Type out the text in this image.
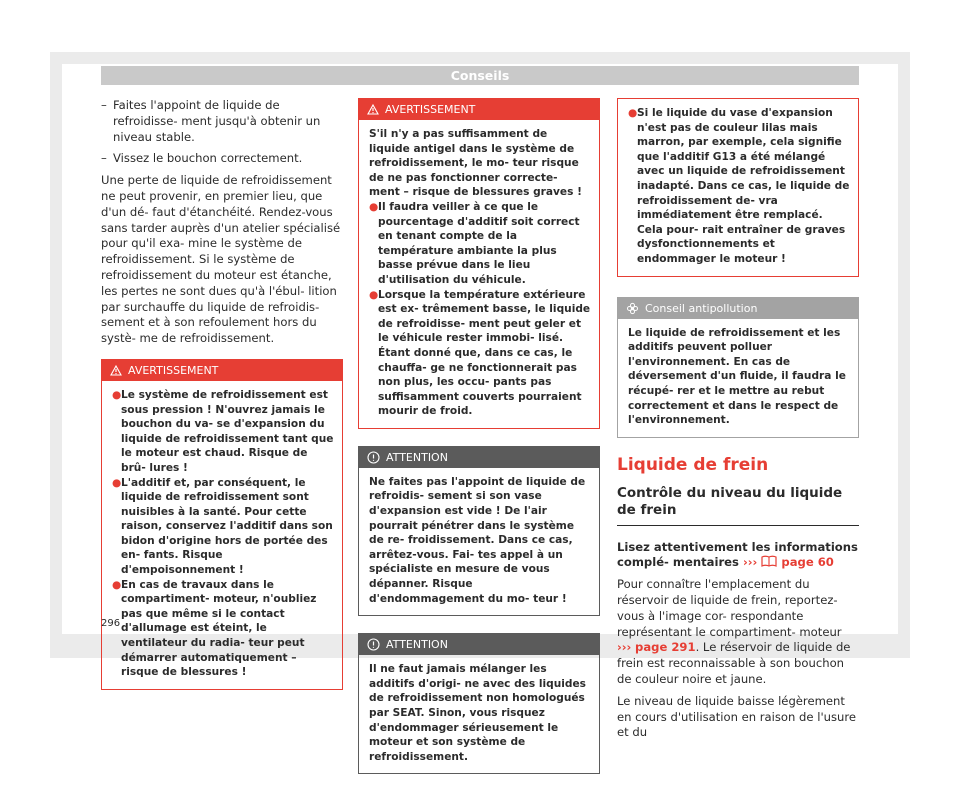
Conseils
– Faites l'appoint de liquide de refroidisse- ment jusqu'à obtenir un niveau stable.
– Vissez le bouchon correctement.

Une perte de liquide de refroidissement ne peut provenir, en premier lieu, que d'un dé- faut d'étanchéité. Rendez-vous sans tarder auprès d'un atelier spécialisé pour qu'il exa- mine le système de refroidissement. Si le système de refroidissement du moteur est étanche, les pertes ne sont dues qu'à l'ébul- lition par surchauffe du liquide de refroidis- sement et à son refoulement hors du systè- me de refroidissement.

AVERTISSEMENT

● Le système de refroidissement est sous pression ! N'ouvrez jamais le bouchon du va- se d'expansion du liquide de refroidissement tant que le moteur est chaud. Risque de brû- lures !

● L'additif et, par conséquent, le liquide de refroidissement sont nuisibles à la santé. Pour cette raison, conservez l'additif dans son bidon d'origine hors de portée des en- fants. Risque d'empoisonnement !

● En cas de travaux dans le compartiment- moteur, n'oubliez pas que même si le contact d'allumage est éteint, le ventilateur du radia- teur peut démarrer automatiquement – risque de blessures !

AVERTISSEMENT

S'il n'y a pas suffisamment de liquide antigel dans le système de refroidissement, le mo- teur risque de ne pas fonctionner correcte- ment – risque de blessures graves !

● Il faudra veiller à ce que le pourcentage d'additif soit correct en tenant compte de la température ambiante la plus basse prévue dans le lieu d'utilisation du véhicule.

● Lorsque la température extérieure est ex- trêmement basse, le liquide de refroidisse- ment peut geler et le véhicule rester immobi- lisé. Étant donné que, dans ce cas, le chauffa- ge ne fonctionnerait pas non plus, les occu- pants pas suffisamment couverts pourraient mourir de froid.

ATTENTION

Ne faites pas l'appoint de liquide de refroidis- sement si son vase d'expansion est vide ! De l'air pourrait pénétrer dans le système de re- froidissement. Dans ce cas, arrêtez-vous. Fai- tes appel à un spécialiste en mesure de vous dépanner. Risque d'endommagement du mo- teur !

ATTENTION

Il ne faut jamais mélanger les additifs d'origi- ne avec des liquides de refroidissement non homologués par SEAT. Sinon, vous risquez d'endommager sérieusement le moteur et son système de refroidissement.

● Si le liquide du vase d'expansion n'est pas de couleur lilas mais marron, par exemple, cela signifie que l'additif G13 a été mélangé avec un liquide de refroidissement inadapté. Dans ce cas, le liquide de refroidissement de- vra immédiatement être remplacé. Cela pour- rait entraîner de graves dysfonctionnements et endommager le moteur !

Conseil antipollution

Le liquide de refroidissement et les additifs peuvent polluer l'environnement. En cas de déversement d'un fluide, il faudra le récupé- rer et le mettre au rebut correctement et dans le respect de l'environnement.

Liquide de frein
Contrôle du niveau du liquide de frein

Lisez attentivement les informations complé- mentaires ››› page 60

Pour connaître l'emplacement du réservoir de liquide de frein, reportez-vous à l'image cor- respondante représentant le compartiment- moteur ››› page 291. Le réservoir de liquide de frein est reconnaissable à son bouchon de couleur noire et jaune.

Le niveau de liquide baisse légèrement en cours d'utilisation en raison de l'usure et du

296
